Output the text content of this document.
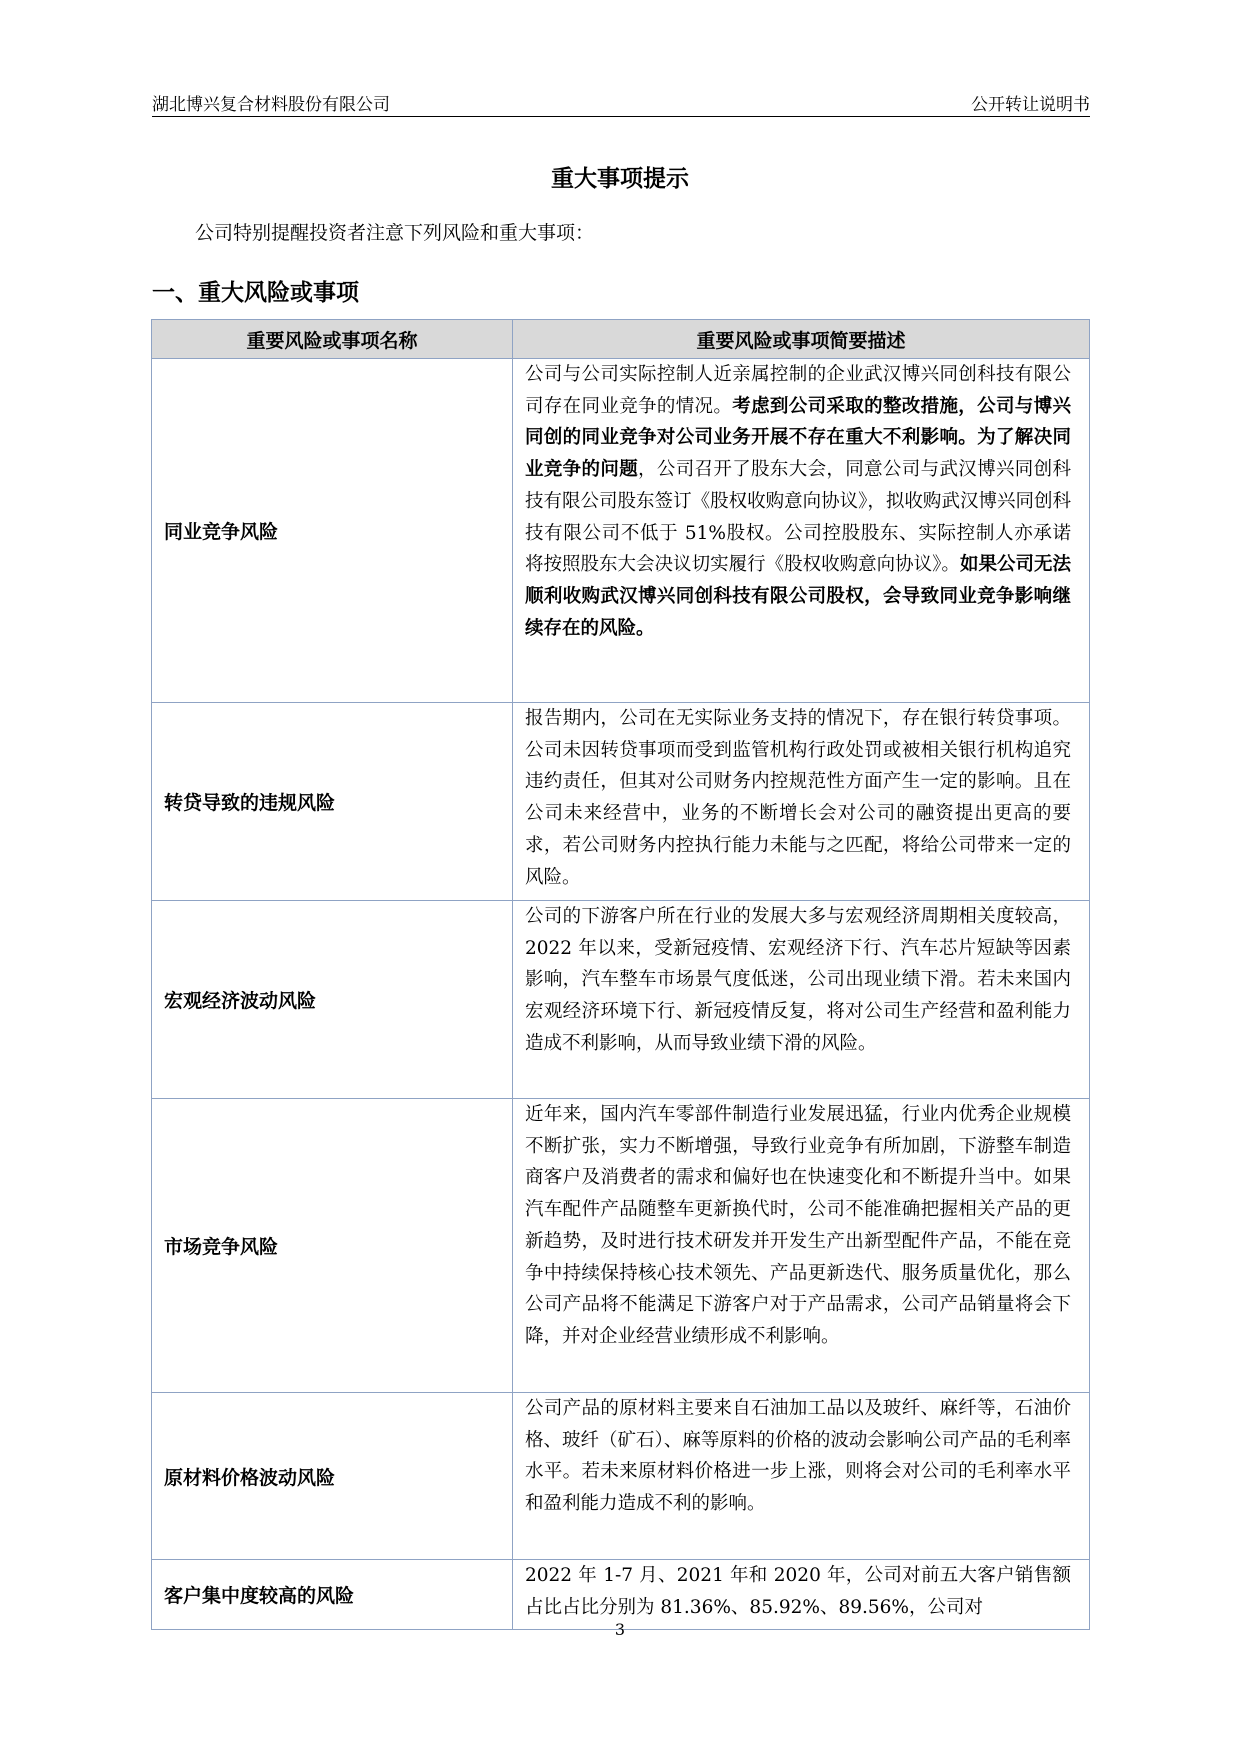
湖北博兴复合材料股份有限公司	公开转让说明书
重大事项提示
公司特别提醒投资者注意下列风险和重大事项：
一、重大风险或事项
重要风险或事项名称	重要风险或事项简要描述
同业竞争风险	公司与公司实际控制人近亲属控制的企业武汉博兴同创科技有限公司存在同业竞争的情况。考虑到公司采取的整改措施，公司与博兴同创的同业竞争对公司业务开展不存在重大不利影响。为了解决同业竞争的问题，公司召开了股东大会，同意公司与武汉博兴同创科技有限公司股东签订《股权收购意向协议》，拟收购武汉博兴同创科技有限公司不低于 51%股权。公司控股股东、实际控制人亦承诺将按照股东大会决议切实履行《股权收购意向协议》。如果公司无法顺利收购武汉博兴同创科技有限公司股权，会导致同业竞争影响继续存在的风险。
转贷导致的违规风险	报告期内，公司在无实际业务支持的情况下，存在银行转贷事项。公司未因转贷事项而受到监管机构行政处罚或被相关银行机构追究违约责任，但其对公司财务内控规范性方面产生一定的影响。且在公司未来经营中，业务的不断增长会对公司的融资提出更高的要求，若公司财务内控执行能力未能与之匹配，将给公司带来一定的风险。
宏观经济波动风险	公司的下游客户所在行业的发展大多与宏观经济周期相关度较高，2022 年以来，受新冠疫情、宏观经济下行、汽车芯片短缺等因素影响，汽车整车市场景气度低迷，公司出现业绩下滑。若未来国内宏观经济环境下行、新冠疫情反复，将对公司生产经营和盈利能力造成不利影响，从而导致业绩下滑的风险。
市场竞争风险	近年来，国内汽车零部件制造行业发展迅猛，行业内优秀企业规模不断扩张，实力不断增强，导致行业竞争有所加剧，下游整车制造商客户及消费者的需求和偏好也在快速变化和不断提升当中。如果汽车配件产品随整车更新换代时，公司不能准确把握相关产品的更新趋势，及时进行技术研发并开发生产出新型配件产品，不能在竞争中持续保持核心技术领先、产品更新迭代、服务质量优化，那么公司产品将不能满足下游客户对于产品需求，公司产品销量将会下降，并对企业经营业绩形成不利影响。
原材料价格波动风险	公司产品的原材料主要来自石油加工品以及玻纤、麻纤等，石油价格、玻纤（矿石）、麻等原料的价格的波动会影响公司产品的毛利率水平。若未来原材料价格进一步上涨，则将会对公司的毛利率水平和盈利能力造成不利的影响。
客户集中度较高的风险	2022 年 1-7 月、2021 年和 2020 年，公司对前五大客户销售额占比占比分别为 81.36%、85.92%、89.56%，公司对
3
